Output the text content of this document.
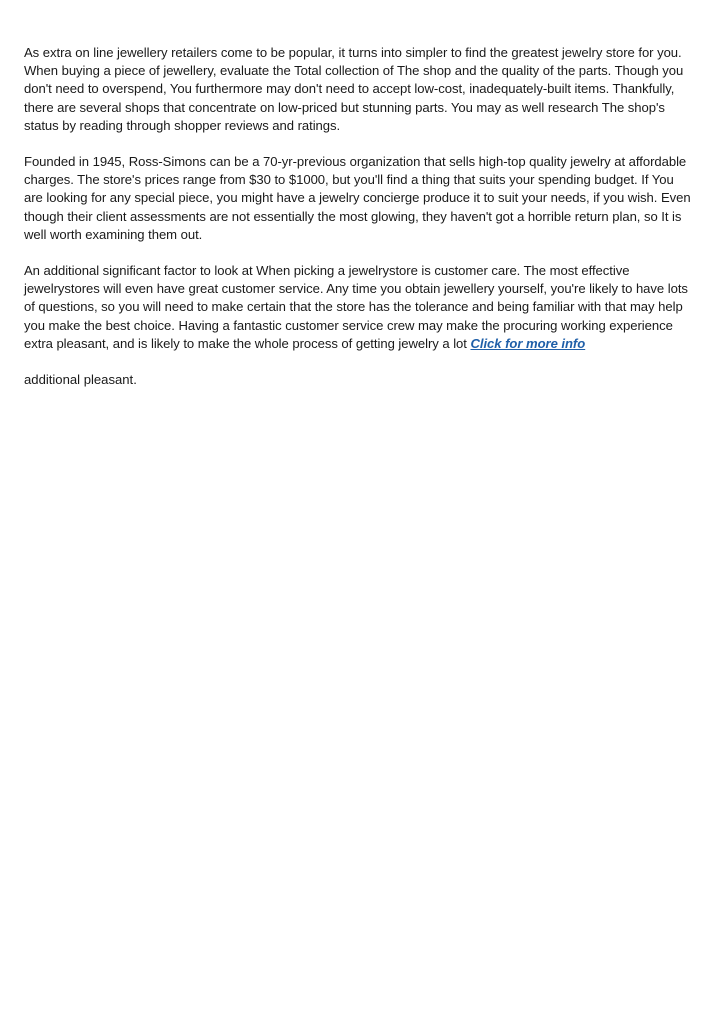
As extra on line jewellery retailers come to be popular, it turns into simpler to find the greatest jewelry store for you. When buying a piece of jewellery, evaluate the Total collection of The shop and the quality of the parts. Though you don't need to overspend, You furthermore may don't need to accept low-cost, inadequately-built items. Thankfully, there are several shops that concentrate on low-priced but stunning parts. You may as well research The shop's status by reading through shopper reviews and ratings.

Founded in 1945, Ross-Simons can be a 70-yr-previous organization that sells high-top quality jewelry at affordable charges. The store's prices range from $30 to $1000, but you'll find a thing that suits your spending budget. If You are looking for any special piece, you might have a jewelry concierge produce it to suit your needs, if you wish. Even though their client assessments are not essentially the most glowing, they haven't got a horrible return plan, so It is well worth examining them out.

An additional significant factor to look at When picking a jewelrystore is customer care. The most effective jewelrystores will even have great customer service. Any time you obtain jewellery yourself, you're likely to have lots of questions, so you will need to make certain that the store has the tolerance and being familiar with that may help you make the best choice. Having a fantastic customer service crew may make the procuring working experience extra pleasant, and is likely to make the whole process of getting jewelry a lot Click for more info

additional pleasant.
